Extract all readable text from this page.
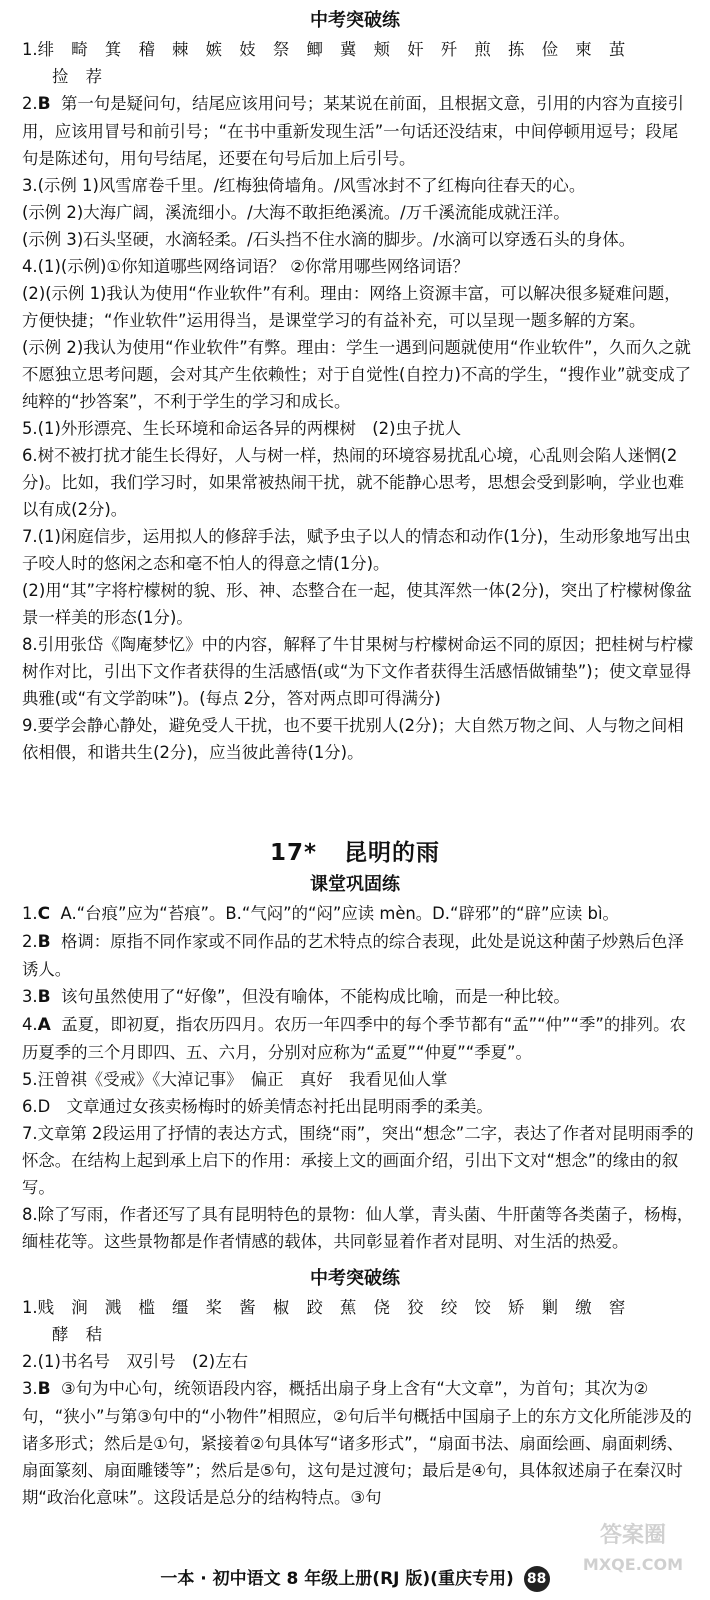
中考突破练
1.绯 畸 箕 稽 棘 嫉 妓 祭 鲫 冀 颊 奸 歼 煎 拣 俭 柬 茧
捡 荐
2.B 第一句是疑问句，结尾应该用问号；某某说在前面，且根据文意，引用的内容为直接引用，应该用冒号和前引号；“在书中重新发现生活”一句话还没结束，中间停顿用逗号；段尾句是陈述句，用句号结尾，还要在句号后加上后引号。
3.(示例 1)风雪席卷千里。/红梅独倚墙角。/风雪冰封不了红梅向往春天的心。
(示例 2)大海广阔，溪流细小。/大海不敢拒绝溪流。/万千溪流能成就汪洋。
(示例 3)石头坚硬，水滴轻柔。/石头挡不住水滴的脚步。/水滴可以穿透石头的身体。
4.(1)(示例)①你知道哪些网络词语？ ②你常用哪些网络词语？
(2)(示例 1)我认为使用“作业软件”有利。理由：网络上资源丰富，可以解决很多疑难问题，方便快捷；“作业软件”运用得当，是课堂学习的有益补充，可以呈现一题多解的方案。
(示例 2)我认为使用“作业软件”有弊。理由：学生一遇到问题就使用“作业软件”，久而久之就不愿独立思考问题，会对其产生依赖性；对于自觉性(自控力)不高的学生，“搜作业”就变成了纯粹的“抄答案”，不利于学生的学习和成长。
5.(1)外形漂亮、生长环境和命运各异的两棵树　(2)虫子扰人
6.树不被打扰才能生长得好，人与树一样，热闹的环境容易扰乱心境，心乱则会陷人迷惘(2分)。比如，我们学习时，如果常被热闹干扰，就不能静心思考，思想会受到影响，学业也难以有成(2分)。
7.(1)闲庭信步，运用拟人的修辞手法，赋予虫子以人的情态和动作(1分)，生动形象地写出虫子咬人时的悠闲之态和毫不怕人的得意之情(1分)。
(2)用“其”字将柠檬树的貌、形、神、态整合在一起，使其浑然一体(2分)，突出了柠檬树像盆景一样美的形态(1分)。
8.引用张岱《陶庵梦忆》中的内容，解释了牛甘果树与柠檬树命运不同的原因；把桂树与柠檬树作对比，引出下文作者获得的生活感悟(或“为下文作者获得生活感悟做铺垫”)；使文章显得典雅(或“有文学韵味”)。(每点 2分，答对两点即可得满分)
9.要学会静心静处，避免受人干扰，也不要干扰别人(2分)；大自然万物之间、人与物之间相依相偎，和谐共生(2分)，应当彼此善待(1分)。
17* 昆明的雨
课堂巩固练
1.C A.“台痕”应为“苔痕”。B.“气闷”的“闷”应读 mèn。D.“辟邪”的“辟”应读 bì。
2.B 格调：原指不同作家或不同作品的艺术特点的综合表现，此处是说这种菌子炒熟后色泽诱人。
3.B 该句虽然使用了“好像”，但没有喻体，不能构成比喻，而是一种比较。
4.A 孟夏，即初夏，指农历四月。农历一年四季中的每个季节都有“孟”“仲”“季”的排列。农历夏季的三个月即四、五、六月，分别对应称为“孟夏”“仲夏”“季夏”。
5.汪曾祺《受戒》《大淖记事》　偏正　真好　我看见仙人掌
6.D　文章通过女孩卖杨梅时的娇美情态衬托出昆明雨季的柔美。
7.文章第 2段运用了抒情的表达方式，围绕“雨”，突出“想念”二字，表达了作者对昆明雨季的怀念。在结构上起到承上启下的作用：承接上文的画面介绍，引出下文对“想念”的缘由的叙写。
8.除了写雨，作者还写了具有昆明特色的景物：仙人掌，青头菌、牛肝菌等各类菌子，杨梅，缅桂花等。这些景物都是作者情感的载体，共同彰显着作者对昆明、对生活的热爱。
中考突破练
1.贱 涧 溅 槛 缰 桨 酱 椒 跤 蕉 侥 狡 绞 饺 矫 剿 缴 窖
酵 秸
2.(1)书名号　双引号　(2)左右
3.B ③句为中心句，统领语段内容，概括出扇子身上含有“大文章”，为首句；其次为②句，“狭小”与第③句中的“小物件”相照应，②句后半句概括中国扇子上的东方文化所能涉及的诸多形式；然后是①句，紧接着②句具体写“诸多形式”，“扇面书法、扇面绘画、扇面刺绣、扇面篆刻、扇面雕镂等”；然后是⑤句，这句是过渡句；最后是④句，具体叙述扇子在秦汉时期“政治化意味”。这段话是总分的结构特点。③句
答案圈
MXQE.COM
一本 · 初中语文 8 年级上册(RJ 版)(重庆专用) 88
